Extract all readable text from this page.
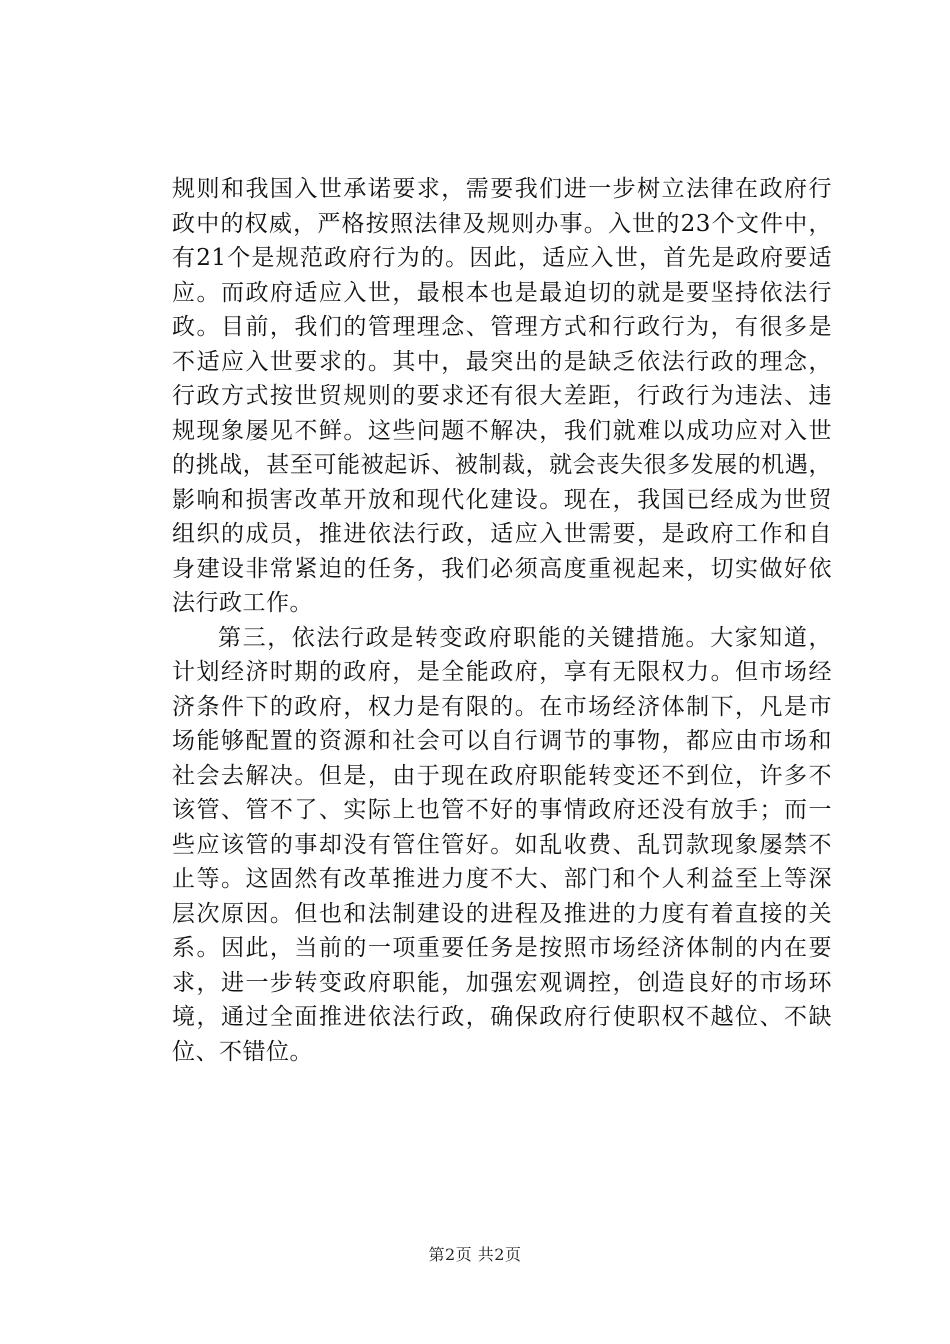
规则和我国入世承诺要求，需要我们进一步树立法律在政府行
政中的权威，严格按照法律及规则办事。入世的23个文件中，
有21个是规范政府行为的。因此，适应入世，首先是政府要适
应。而政府适应入世，最根本也是最迫切的就是要坚持依法行
政。目前，我们的管理理念、管理方式和行政行为，有很多是
不适应入世要求的。其中，最突出的是缺乏依法行政的理念，
行政方式按世贸规则的要求还有很大差距，行政行为违法、违
规现象屡见不鲜。这些问题不解决，我们就难以成功应对入世
的挑战，甚至可能被起诉、被制裁，就会丧失很多发展的机遇，
影响和损害改革开放和现代化建设。现在，我国已经成为世贸
组织的成员，推进依法行政，适应入世需要，是政府工作和自
身建设非常紧迫的任务，我们必须高度重视起来，切实做好依
法行政工作。
第三，依法行政是转变政府职能的关键措施。大家知道，
计划经济时期的政府，是全能政府，享有无限权力。但市场经
济条件下的政府，权力是有限的。在市场经济体制下，凡是市
场能够配置的资源和社会可以自行调节的事物，都应由市场和
社会去解决。但是，由于现在政府职能转变还不到位，许多不
该管、管不了、实际上也管不好的事情政府还没有放手；而一
些应该管的事却没有管住管好。如乱收费、乱罚款现象屡禁不
止等。这固然有改革推进力度不大、部门和个人利益至上等深
层次原因。但也和法制建设的进程及推进的力度有着直接的关
系。因此，当前的一项重要任务是按照市场经济体制的内在要
求，进一步转变政府职能，加强宏观调控，创造良好的市场环
境，通过全面推进依法行政，确保政府行使职权不越位、不缺
位、不错位。
第2页 共2页
